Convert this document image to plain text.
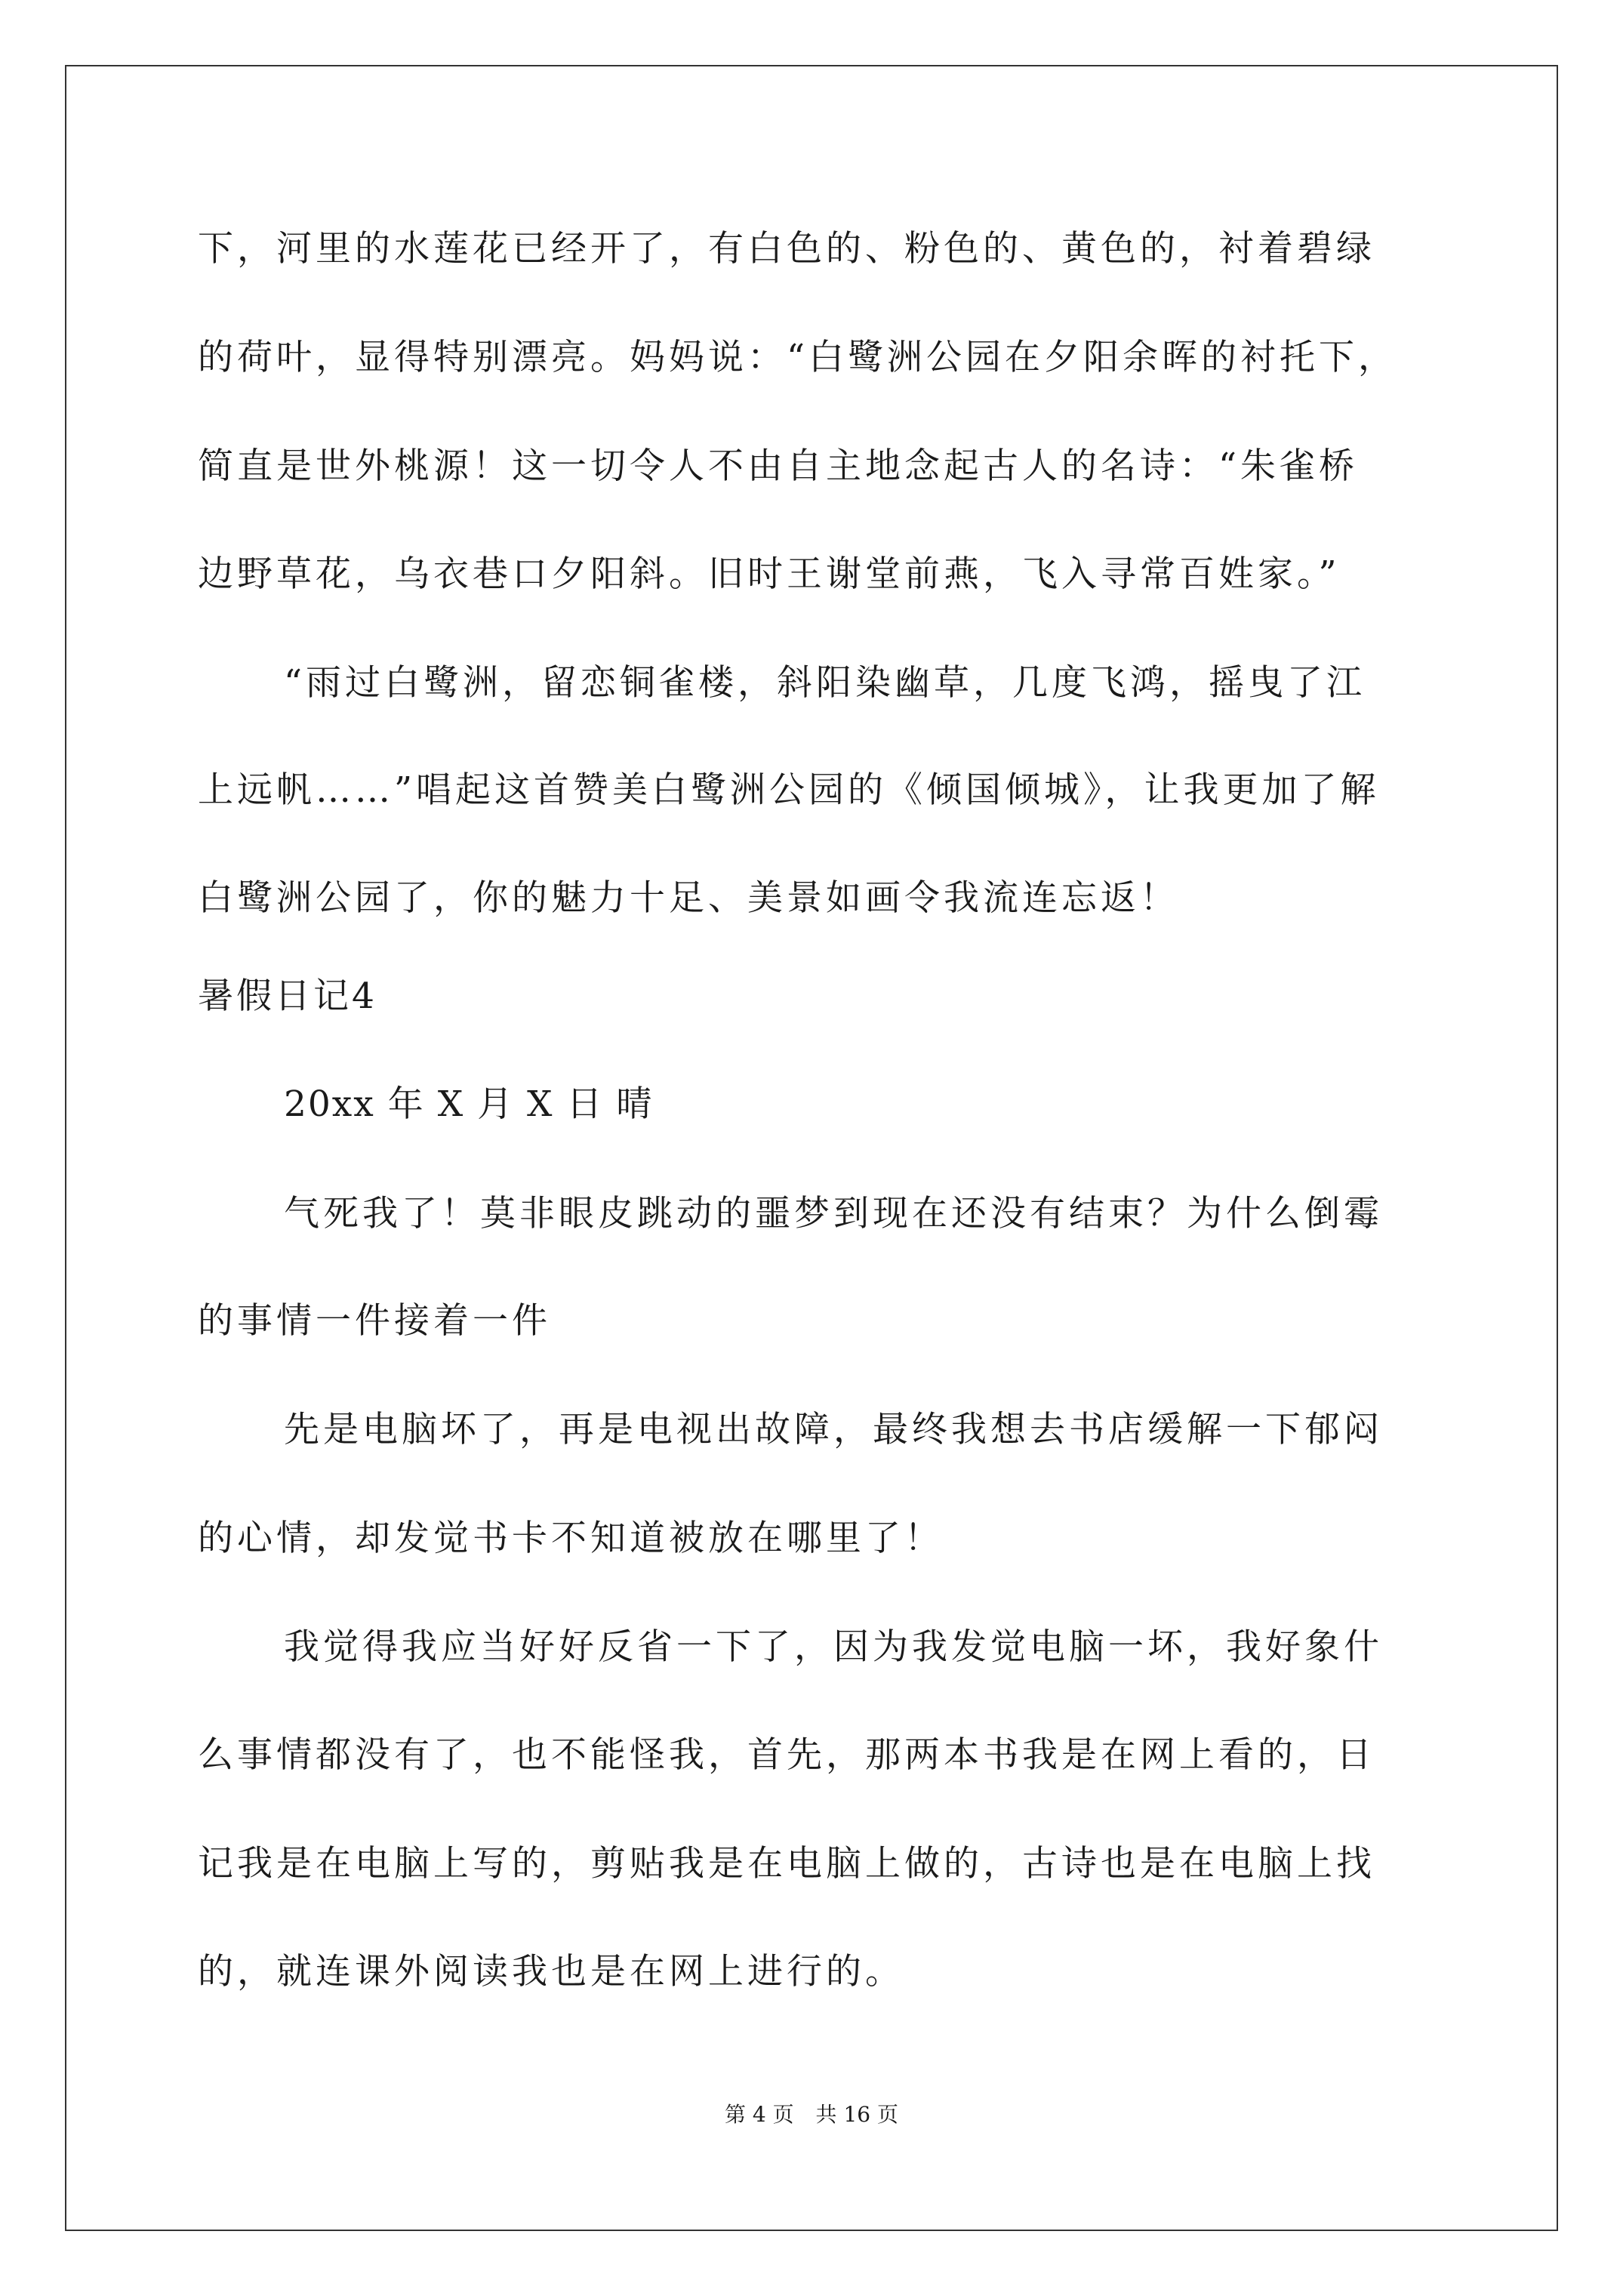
下，河里的水莲花已经开了，有白色的、粉色的、黄色的，衬着碧绿
的荷叶，显得特别漂亮。妈妈说：“白鹭洲公园在夕阳余晖的衬托下，
简直是世外桃源！这一切令人不由自主地念起古人的名诗：“朱雀桥
边野草花，乌衣巷口夕阳斜。旧时王谢堂前燕，飞入寻常百姓家。”
“雨过白鹭洲，留恋铜雀楼，斜阳染幽草，几度飞鸿，摇曳了江
上远帆……”唱起这首赞美白鹭洲公园的《倾国倾城》，让我更加了解
白鹭洲公园了，你的魅力十足、美景如画令我流连忘返！
暑假日记4
20xx 年 X 月 X 日 晴
气死我了！莫非眼皮跳动的噩梦到现在还没有结束？为什么倒霉
的事情一件接着一件
先是电脑坏了，再是电视出故障，最终我想去书店缓解一下郁闷
的心情，却发觉书卡不知道被放在哪里了！
我觉得我应当好好反省一下了，因为我发觉电脑一坏，我好象什
么事情都没有了，也不能怪我，首先，那两本书我是在网上看的，日
记我是在电脑上写的，剪贴我是在电脑上做的，古诗也是在电脑上找
的，就连课外阅读我也是在网上进行的。
第 4 页 共 16 页
